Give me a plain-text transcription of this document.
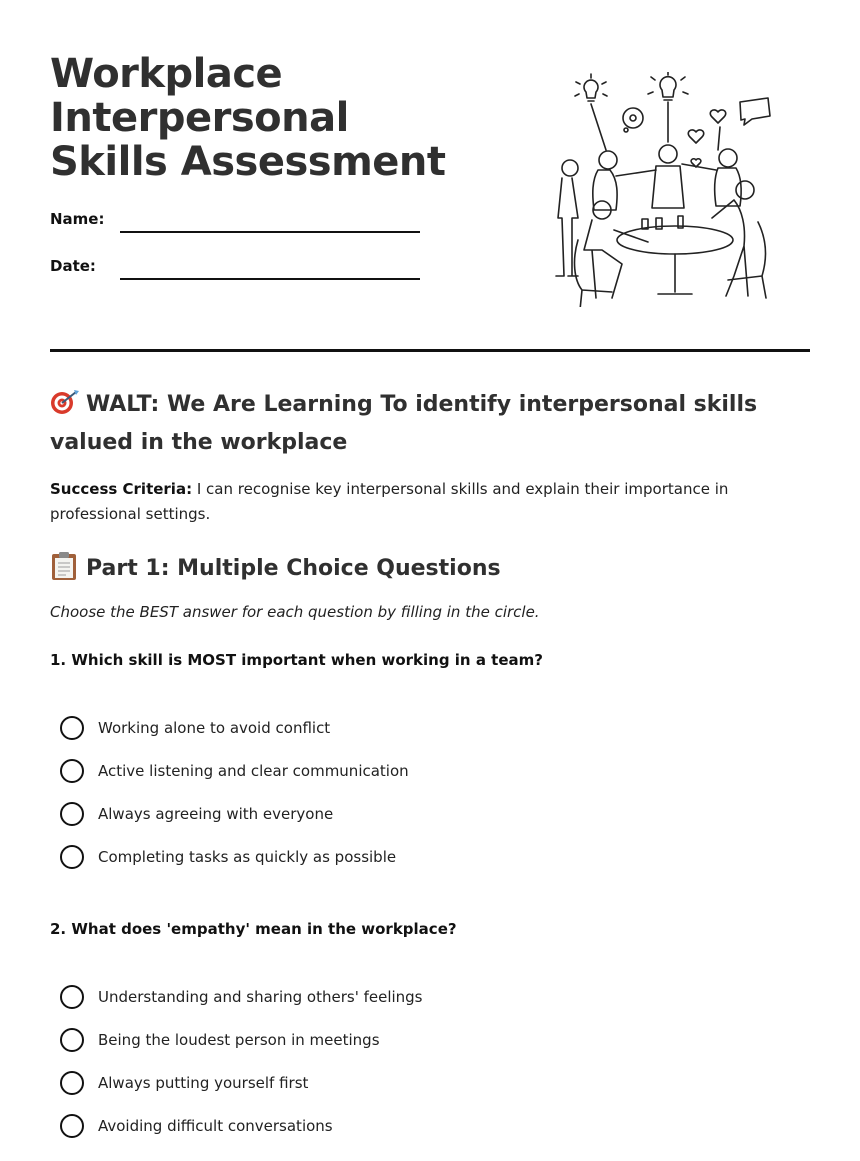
Workplace Interpersonal Skills Assessment
Name:
Date:
WALT: We Are Learning To identify interpersonal skills valued in the workplace

Success Criteria: I can recognise key interpersonal skills and explain their importance in professional settings.

Part 1: Multiple Choice Questions

Choose the BEST answer for each question by filling in the circle.

1. Which skill is MOST important when working in a team?

Working alone to avoid conflict
Active listening and clear communication
Always agreeing with everyone
Completing tasks as quickly as possible

2. What does 'empathy' mean in the workplace?

Understanding and sharing others' feelings
Being the loudest person in meetings
Always putting yourself first
Avoiding difficult conversations
